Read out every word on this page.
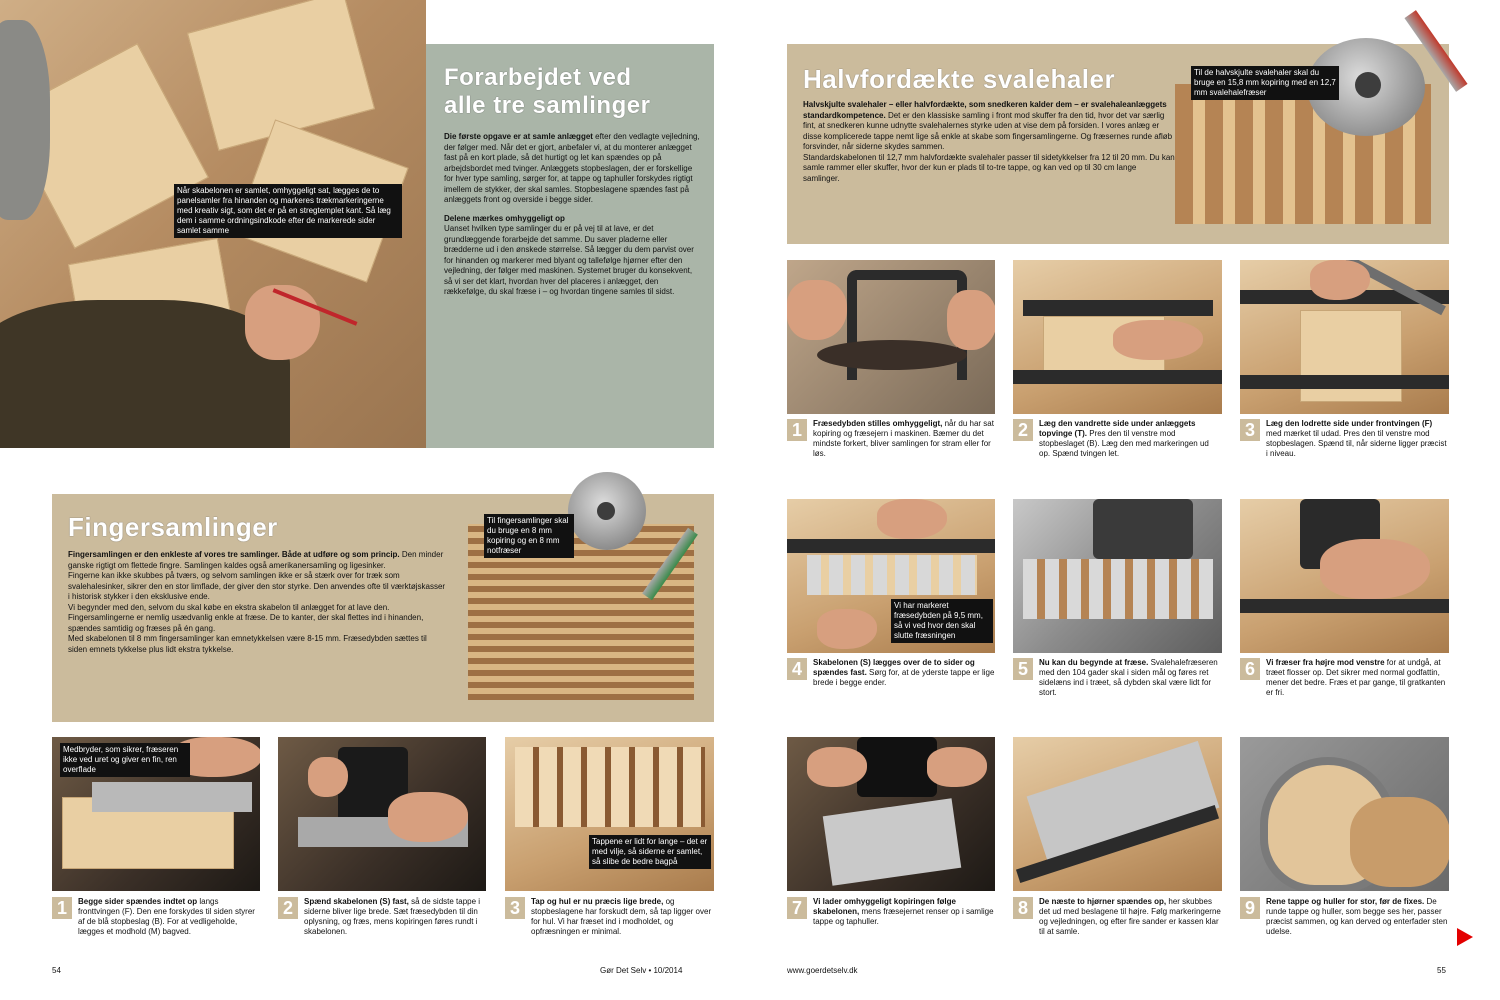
Når skabelonen er samlet, omhyggeligt sat, lægges de to panelsamler fra hinanden og markeres trækmarkeringerne med kreativ sigt, som det er på en stregtemplet kant. Så læg dem i samme ordningsindkode efter de markerede sider samlet samme
Forarbejdet ved
alle tre samlinger
Die første opgave er at samle anlægget efter den vedlagte vejledning, der følger med. Når det er gjort, anbefaler vi, at du monterer anlægget fast på en kort plade, så det hurtigt og let kan spændes op på arbejdsbordet med tvinger. Anlæggets stopbeslagen, der er forskellige for hver type samling, sørger for, at tappe og taphuller forskydes rigtigt imellem de stykker, der skal samles. Stopbeslagene spændes fast på anlæggets front og overside i begge sider.
Delene mærkes omhyggeligt op
Uanset hvilken type samlinger du er på vej til at lave, er det grundlæggende forarbejde det samme. Du saver pladerne eller brædderne ud i den ønskede størrelse. Så lægger du dem parvist over for hinanden og markerer med blyant og tallefølge hjørner efter den vejledning, der følger med maskinen. Systemet bruger du konsekvent, så vi ser det klart, hvordan hver del placeres i anlægget, den rækkefølge, du skal fræse i – og hvordan tingene samles til sidst.
Fingersamlinger
Fingersamlingen er den enkleste af vores tre samlinger. Både at udføre og som princip. Den minder ganske rigtigt om flettede fingre. Samlingen kaldes også amerikanersamling og ligesinker.
Fingerne kan ikke skubbes på tværs, og selvom samlingen ikke er så stærk over for træk som svalehalesinker, sikrer den en stor limflade, der giver den stor styrke. Den anvendes ofte til værktøjskasser i historisk stykker i den eksklusive ende.
Vi begynder med den, selvom du skal købe en ekstra skabelon til anlægget for at lave den. Fingersamlingerne er nemlig usædvanlig enkle at fræse. De to kanter, der skal flettes ind i hinanden, spændes samtidig og fræses på én gang.
Med skabelonen til 8 mm fingersamlinger kan emnetykkelsen være 8-15 mm. Fræsedybden sættes til siden emnets tykkelse plus lidt ekstra tykkelse.
Til fingersamlinger skal du bruge en 8 mm kopiring og en 8 mm notfræser
Medbryder, som sikrer, fræseren ikke ved uret og giver en fin, ren overflade
Tappene er lidt for lange – det er med vilje, så siderne er samlet, så slibe de bedre bagpå
1	Begge sider spændes indtet op langs fronttvingen (F). Den ene forskydes til siden styrer af de blå stopbeslag (B). For at vedligeholde, lægges et modhold (M) bagved.
2	Spænd skabelonen (S) fast, så de sidste tappe i siderne bliver lige brede. Sæt fræsedybden til din oplysning, og fræs, mens kopiringen føres rundt i skabelonen.
3	Tap og hul er nu præcis lige brede, og stopbeslagene har forskudt dem, så tap ligger over for hul. Vi har fræset ind i modholdet, og opfræsningen er minimal.
54	Gør Det Selv • 10/2014
Halvfordækte svalehaler
Halvskjulte svalehaler – eller halvfordækte, som snedkeren kalder dem – er svalehaleanlæggets standardkompetence. Det er den klassiske samling i front mod skuffer fra den tid, hvor det var særlig fint, at snedkeren kunne udnytte svalehalernes styrke uden at vise dem på forsiden. I vores anlæg er disse komplicerede tappe nemt lige så enkle at skabe som fingersamlingerne. Og fræsernes runde afløb forsvinder, når siderne skydes sammen.
Standardskabelonen til 12,7 mm halvfordækte svalehaler passer til sidetykkelser fra 12 til 20 mm. Du kan samle rammer eller skuffer, hvor der kun er plads til to-tre tappe, og kan ved op til 30 cm lange samlinger.
Til de halvskjulte svalehaler skal du bruge en 15,8 mm kopiring med en 12,7 mm svalehalefræser
1	Fræsedybden stilles omhyggeligt, når du har sat kopiring og fræsejern i maskinen. Bæmer du det mindste forkert, bliver samlingen for stram eller for løs.
2	Læg den vandrette side under anlæggets topvinge (T). Pres den til venstre mod stopbeslaget (B). Læg den med markeringen ud op. Spænd tvingen let.
3	Læg den lodrette side under frontvingen (F) med mærket til udad. Pres den til venstre mod stopbeslagen. Spænd til, når siderne ligger præcist i niveau.
Vi har markeret fræsedybden på 9,5 mm, så vi ved hvor den skal slutte fræsningen
4	Skabelonen (S) lægges over de to sider og spændes fast. Sørg for, at de yderste tappe er lige brede i begge ender.
5	Nu kan du begynde at fræse. Svalehalefræseren med den 104 gader skal i siden mål og føres ret sidelæns ind i træet, så dybden skal være lidt for stort.
6	Vi fræser fra højre mod venstre for at undgå, at træet flosser op. Det sikrer med normal godfattin, mener det bedre. Fræs et par gange, til gratkanten er fri.
7	Vi lader omhyggeligt kopiringen følge skabelonen, mens fræsejernet renser op i samlige tappe og taphuller.
8	De næste to hjørner spændes op, her skubbes det ud med beslagene til højre. Følg markeringerne og vejledningen, og efter fire sander er kassen klar til at samle.
9	Rene tappe og huller for stor, før de fixes. De runde tappe og huller, som begge ses her, passer præcist sammen, og kan derved og enterfader sten udelse.
www.goerdetselv.dk	55
